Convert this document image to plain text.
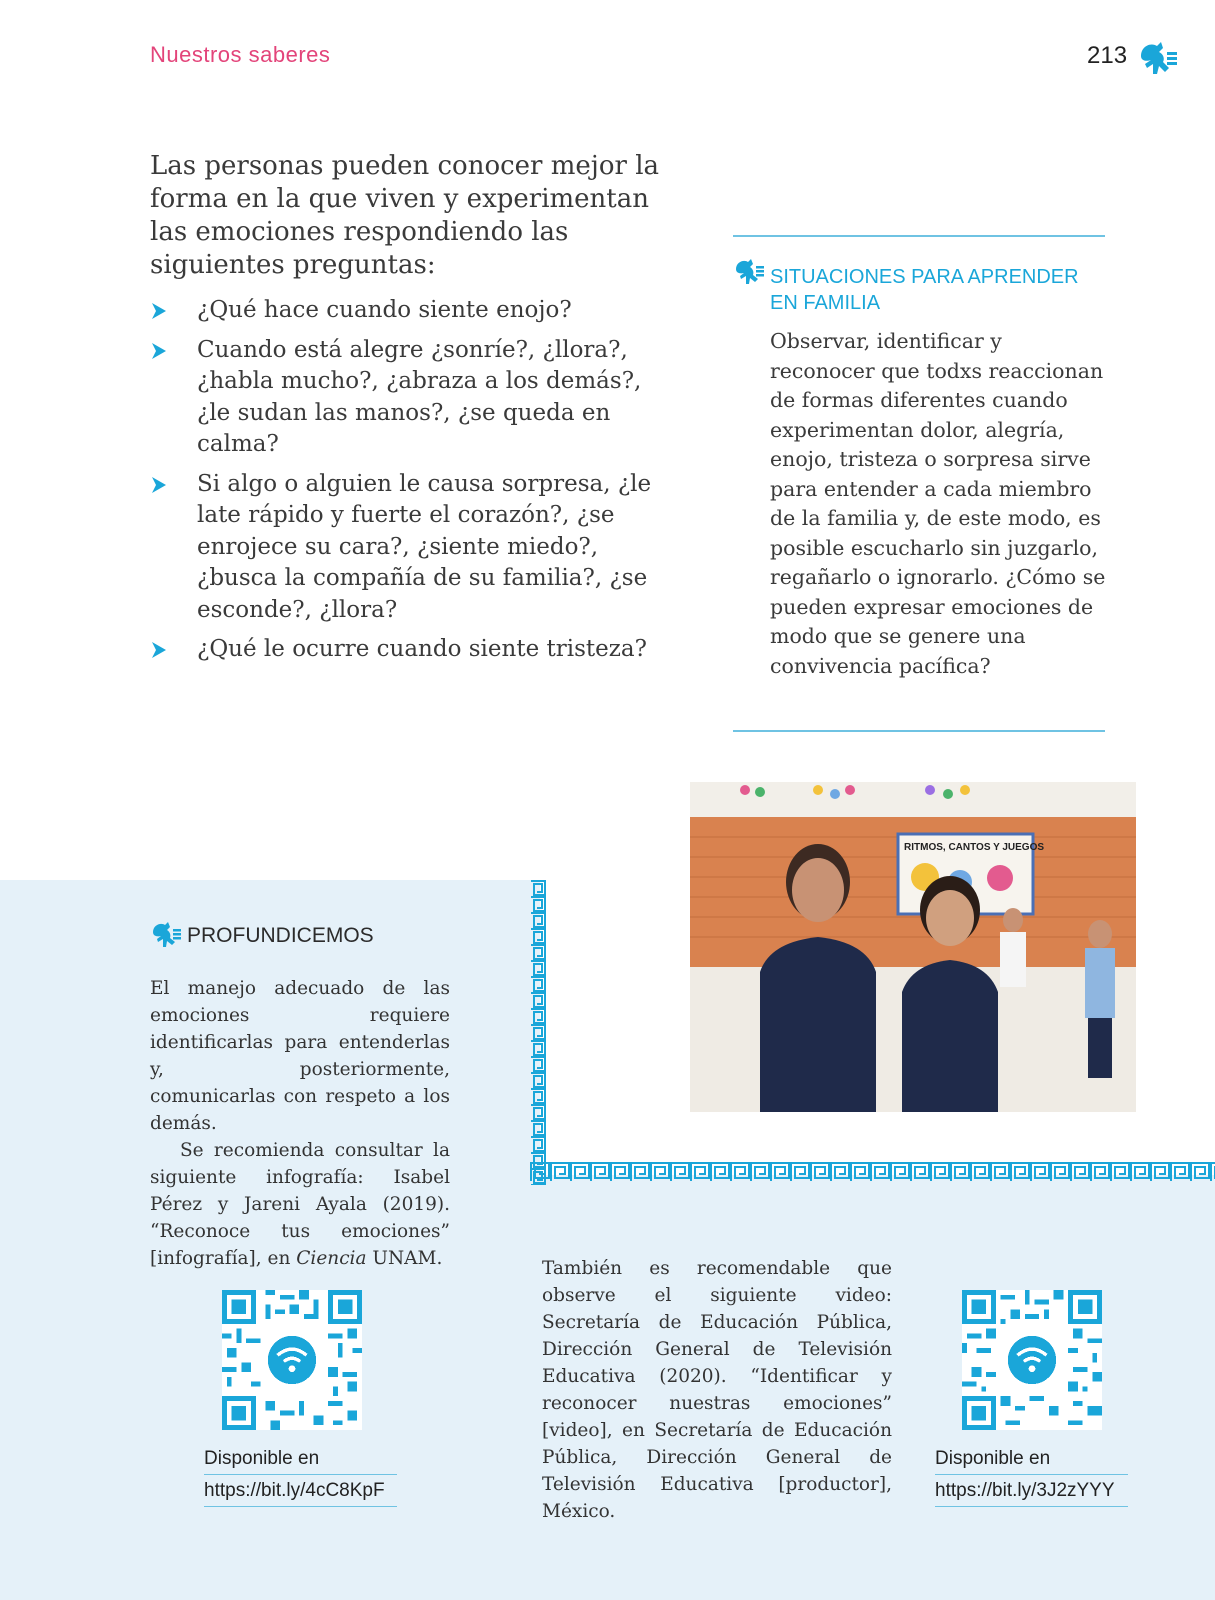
Nuestros saberes	213
Las personas pueden conocer mejor la forma en la que viven y experimentan las emociones respondiendo las siguientes preguntas:
¿Qué hace cuando siente enojo?
Cuando está alegre ¿sonríe?, ¿llora?, ¿habla mucho?, ¿abraza a los demás?, ¿le sudan las manos?, ¿se queda en calma?
Si algo o alguien le causa sorpresa, ¿le late rápido y fuerte el corazón?, ¿se enrojece su cara?, ¿siente miedo?, ¿busca la compañía de su familia?, ¿se esconde?, ¿llora?
¿Qué le ocurre cuando siente tristeza?
SITUACIONES PARA APRENDER EN FAMILIA
Observar, identificar y reconocer que todxs reaccionan de formas diferentes cuando experimentan dolor, alegría, enojo, tristeza o sorpresa sirve para entender a cada miembro de la familia y, de este modo, es posible escucharlo sin juzgarlo, regañarlo o ignorarlo. ¿Cómo se pueden expresar emociones de modo que se genere una convivencia pacífica?
RITMOS, CANTOS Y JUEGOS
PROFUNDICEMOS

El manejo adecuado de las emociones requiere identificarlas para entenderlas y, posteriormente, comunicarlas con respeto a los demás.

Se recomienda consultar la siguiente infografía: Isabel Pérez y Jareni Ayala (2019). “Reconoce tus emociones” [infografía], en Ciencia UNAM.

Disponible en
https://bit.ly/4cC8KpF
También es recomendable que observe el siguiente video: Secretaría de Educación Pública, Dirección General de Televisión Educativa (2020). “Identificar y reconocer nuestras emociones” [video], en Secretaría de Educación Pública, Dirección General de Televisión Educativa [productor], México.
Disponible en
https://bit.ly/3J2zYYY
